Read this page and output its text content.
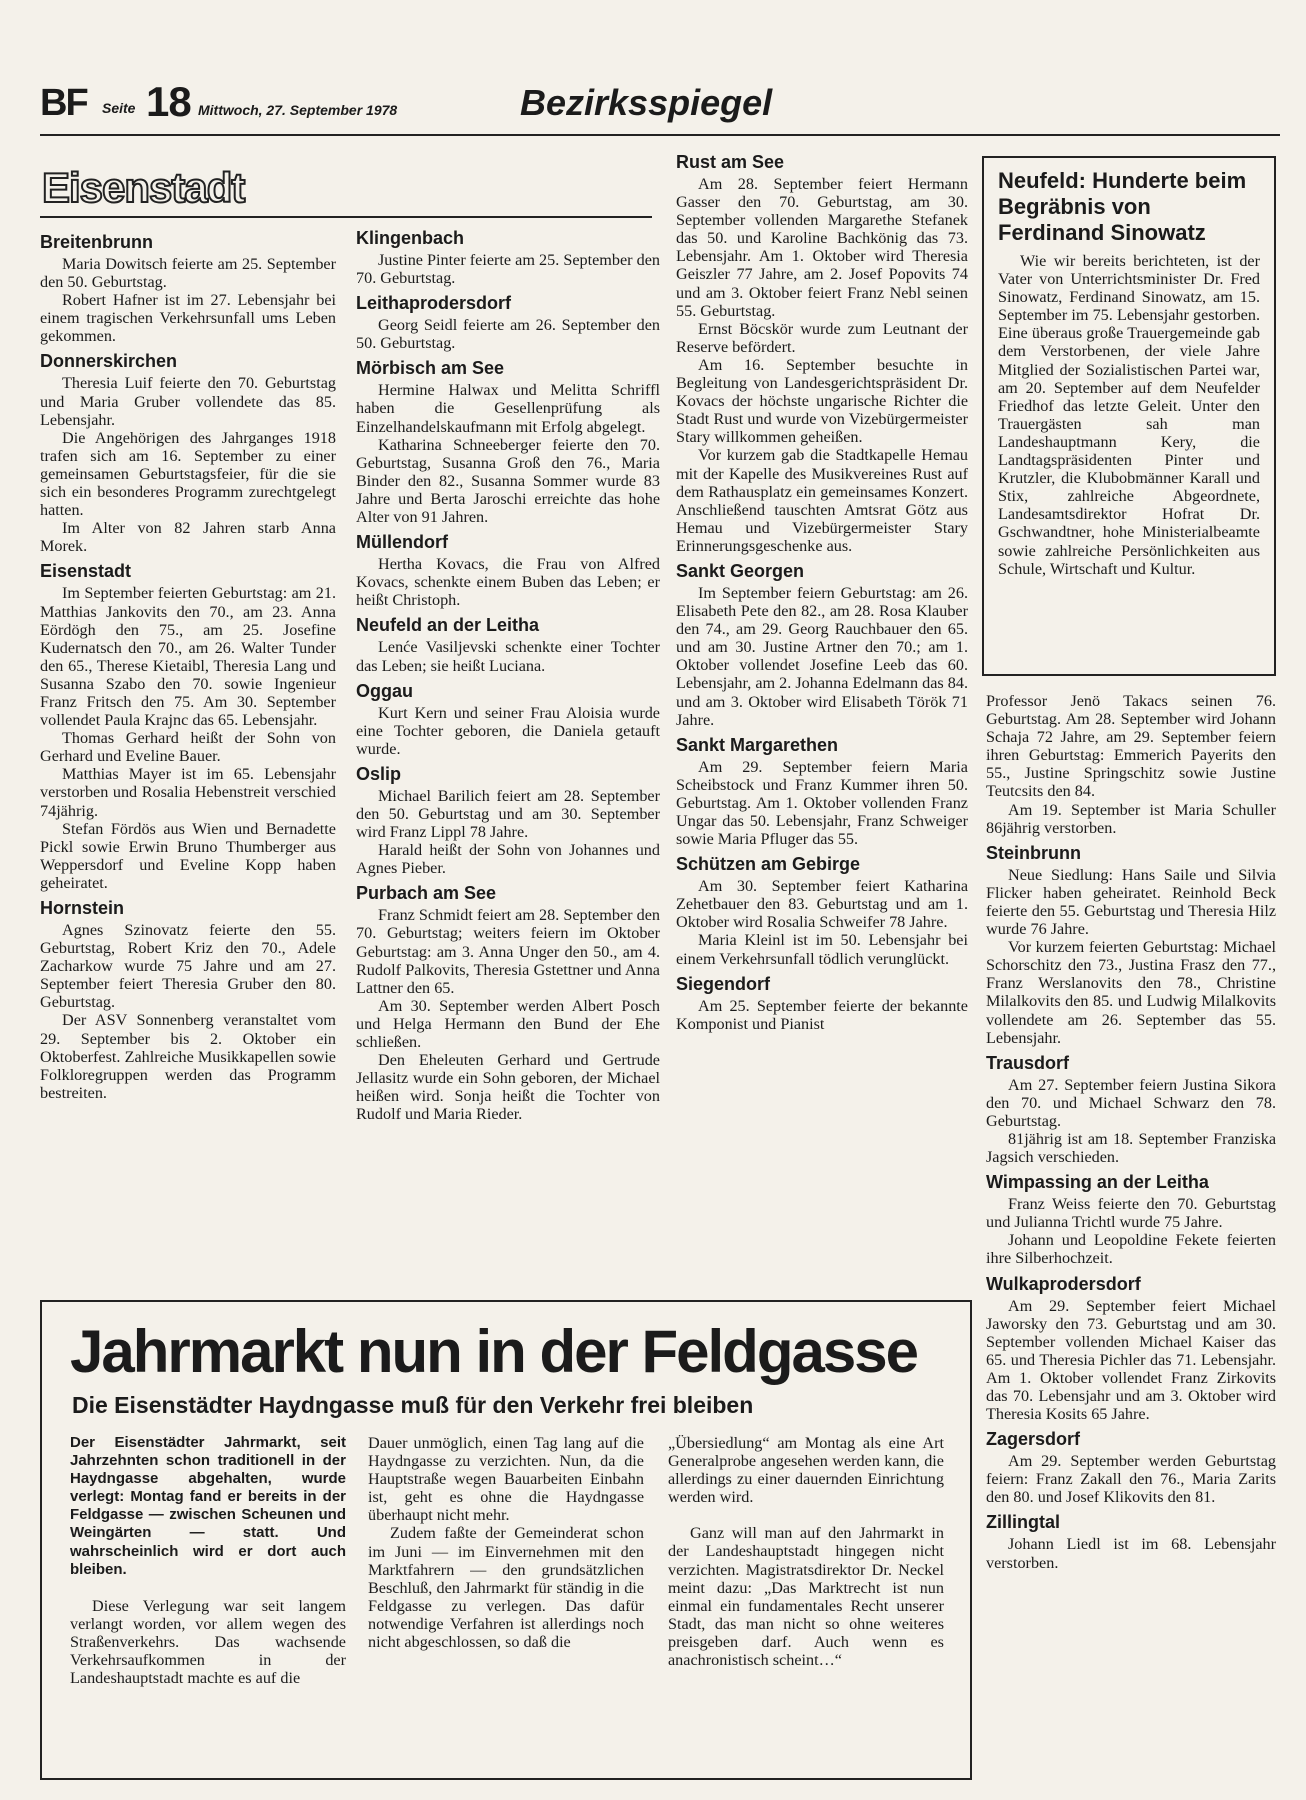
BF Seite 18 Mittwoch, 27. September 1978	Bezirksspiegel
Eisenstadt
Breitenbrunn

Maria Dowitsch feierte am 25. September den 50. Geburtstag.

Robert Hafner ist im 27. Lebensjahr bei einem tragischen Verkehrsunfall ums Leben gekommen.

Donnerskirchen

Theresia Luif feierte den 70. Geburtstag und Maria Gruber vollendete das 85. Lebensjahr.

Die Angehörigen des Jahrganges 1918 trafen sich am 16. September zu einer gemeinsamen Geburtstagsfeier, für die sie sich ein besonderes Programm zurechtgelegt hatten.

Im Alter von 82 Jahren starb Anna Morek.

Eisenstadt

Im September feierten Geburtstag: am 21. Matthias Jankovits den 70., am 23. Anna Eördögh den 75., am 25. Josefine Kudernatsch den 70., am 26. Walter Tunder den 65., Therese Kietaibl, Theresia Lang und Susanna Szabo den 70. sowie Ingenieur Franz Fritsch den 75. Am 30. September vollendet Paula Krajnc das 65. Lebensjahr.

Thomas Gerhard heißt der Sohn von Gerhard und Eveline Bauer.

Matthias Mayer ist im 65. Lebensjahr verstorben und Rosalia Hebenstreit verschied 74jährig.

Stefan Fördös aus Wien und Bernadette Pickl sowie Erwin Bruno Thumberger aus Weppersdorf und Eveline Kopp haben geheiratet.

Hornstein

Agnes Szinovatz feierte den 55. Geburtstag, Robert Kriz den 70., Adele Zacharkow wurde 75 Jahre und am 27. September feiert Theresia Gruber den 80. Geburtstag.

Der ASV Sonnenberg veranstaltet vom 29. September bis 2. Oktober ein Oktoberfest. Zahlreiche Musikkapellen sowie Folkloregruppen werden das Programm bestreiten.

Klingenbach

Justine Pinter feierte am 25. September den 70. Geburtstag.

Leithaprodersdorf

Georg Seidl feierte am 26. September den 50. Geburtstag.

Mörbisch am See

Hermine Halwax und Melitta Schriffl haben die Gesellenprüfung als Einzelhandelskaufmann mit Erfolg abgelegt.

Katharina Schneeberger feierte den 70. Geburtstag, Susanna Groß den 76., Maria Binder den 82., Susanna Sommer wurde 83 Jahre und Berta Jaroschi erreichte das hohe Alter von 91 Jahren.

Müllendorf

Hertha Kovacs, die Frau von Alfred Kovacs, schenkte einem Buben das Leben; er heißt Christoph.

Neufeld an der Leitha

Lenće Vasiljevski schenkte einer Tochter das Leben; sie heißt Luciana.

Oggau

Kurt Kern und seiner Frau Aloisia wurde eine Tochter geboren, die Daniela getauft wurde.

Oslip

Michael Barilich feiert am 28. September den 50. Geburtstag und am 30. September wird Franz Lippl 78 Jahre.

Harald heißt der Sohn von Johannes und Agnes Pieber.

Purbach am See

Franz Schmidt feiert am 28. September den 70. Geburtstag; weiters feiern im Oktober Geburtstag: am 3. Anna Unger den 50., am 4. Rudolf Palkovits, Theresia Gstettner und Anna Lattner den 65.

Am 30. September werden Albert Posch und Helga Hermann den Bund der Ehe schließen.

Den Eheleuten Gerhard und Gertrude Jellasitz wurde ein Sohn geboren, der Michael heißen wird. Sonja heißt die Tochter von Rudolf und Maria Rieder.

Rust am See

Am 28. September feiert Hermann Gasser den 70. Geburtstag, am 30. September vollenden Margarethe Stefanek das 50. und Karoline Bachkönig das 73. Lebensjahr. Am 1. Oktober wird Theresia Geiszler 77 Jahre, am 2. Josef Popovits 74 und am 3. Oktober feiert Franz Nebl seinen 55. Geburtstag.

Ernst Böcskör wurde zum Leutnant der Reserve befördert.

Am 16. September besuchte in Begleitung von Landesgerichtspräsident Dr. Kovacs der höchste ungarische Richter die Stadt Rust und wurde von Vizebürgermeister Stary willkommen geheißen.

Vor kurzem gab die Stadtkapelle Hemau mit der Kapelle des Musikvereines Rust auf dem Rathausplatz ein gemeinsames Konzert. Anschließend tauschten Amtsrat Götz aus Hemau und Vizebürgermeister Stary Erinnerungsgeschenke aus.

Sankt Georgen

Im September feiern Geburtstag: am 26. Elisabeth Pete den 82., am 28. Rosa Klauber den 74., am 29. Georg Rauchbauer den 65. und am 30. Justine Artner den 70.; am 1. Oktober vollendet Josefine Leeb das 60. Lebensjahr, am 2. Johanna Edelmann das 84. und am 3. Oktober wird Elisabeth Török 71 Jahre.

Sankt Margarethen

Am 29. September feiern Maria Scheibstock und Franz Kummer ihren 50. Geburtstag. Am 1. Oktober vollenden Franz Ungar das 50. Lebensjahr, Franz Schweiger sowie Maria Pfluger das 55.

Schützen am Gebirge

Am 30. September feiert Katharina Zehetbauer den 83. Geburtstag und am 1. Oktober wird Rosalia Schweifer 78 Jahre.

Maria Kleinl ist im 50. Lebensjahr bei einem Verkehrsunfall tödlich verunglückt.

Siegendorf

Am 25. September feierte der bekannte Komponist und Pianist

Professor Jenö Takacs seinen 76. Geburtstag. Am 28. September wird Johann Schaja 72 Jahre, am 29. September feiern ihren Geburtstag: Emmerich Payerits den 55., Justine Springschitz sowie Justine Teutcsits den 84.

Am 19. September ist Maria Schuller 86jährig verstorben.

Steinbrunn

Neue Siedlung: Hans Saile und Silvia Flicker haben geheiratet. Reinhold Beck feierte den 55. Geburtstag und Theresia Hilz wurde 76 Jahre.

Vor kurzem feierten Geburtstag: Michael Schorschitz den 73., Justina Frasz den 77., Franz Werslanovits den 78., Christine Milalkovits den 85. und Ludwig Milalkovits vollendete am 26. September das 55. Lebensjahr.

Trausdorf

Am 27. September feiern Justina Sikora den 70. und Michael Schwarz den 78. Geburtstag.

81jährig ist am 18. September Franziska Jagsich verschieden.

Wimpassing an der Leitha

Franz Weiss feierte den 70. Geburtstag und Julianna Trichtl wurde 75 Jahre.

Johann und Leopoldine Fekete feierten ihre Silberhochzeit.

Wulkaprodersdorf

Am 29. September feiert Michael Jaworsky den 73. Geburtstag und am 30. September vollenden Michael Kaiser das 65. und Theresia Pichler das 71. Lebensjahr. Am 1. Oktober vollendet Franz Zirkovits das 70. Lebensjahr und am 3. Oktober wird Theresia Kosits 65 Jahre.

Zagersdorf

Am 29. September werden Geburtstag feiern: Franz Zakall den 76., Maria Zarits den 80. und Josef Klikovits den 81.

Zillingtal

Johann Liedl ist im 68. Lebensjahr verstorben.

Neufeld: Hunderte beim Begräbnis von Ferdinand Sinowatz

Wie wir bereits berichteten, ist der Vater von Unterrichtsminister Dr. Fred Sinowatz, Ferdinand Sinowatz, am 15. September im 75. Lebensjahr gestorben. Eine überaus große Trauergemeinde gab dem Verstorbenen, der viele Jahre Mitglied der Sozialistischen Partei war, am 20. September auf dem Neufelder Friedhof das letzte Geleit. Unter den Trauergästen sah man Landeshauptmann Kery, die Landtagspräsidenten Pinter und Krutzler, die Klubobmänner Karall und Stix, zahlreiche Abgeordnete, Landesamtsdirektor Hofrat Dr. Gschwandtner, hohe Ministerialbeamte sowie zahlreiche Persönlichkeiten aus Schule, Wirtschaft und Kultur.

Jahrmarkt nun in der Feldgasse
Die Eisenstädter Haydngasse muß für den Verkehr frei bleiben

Der Eisenstädter Jahrmarkt, seit Jahrzehnten schon traditionell in der Haydngasse abgehalten, wurde verlegt: Montag fand er bereits in der Feldgasse — zwischen Scheunen und Weingärten — statt. Und wahrscheinlich wird er dort auch bleiben.

Diese Verlegung war seit langem verlangt worden, vor allem wegen des Straßenverkehrs. Das wachsende Verkehrsaufkommen in der Landeshauptstadt machte es auf die

Dauer unmöglich, einen Tag lang auf die Haydngasse zu verzichten. Nun, da die Hauptstraße wegen Bauarbeiten Einbahn ist, geht es ohne die Haydngasse überhaupt nicht mehr.

Zudem faßte der Gemeinderat schon im Juni — im Einvernehmen mit den Marktfahrern — den grundsätzlichen Beschluß, den Jahrmarkt für ständig in die Feldgasse zu verlegen. Das dafür notwendige Verfahren ist allerdings noch nicht abgeschlossen, so daß die

„Übersiedlung“ am Montag als eine Art Generalprobe angesehen werden kann, die allerdings zu einer dauernden Einrichtung werden wird.

Ganz will man auf den Jahrmarkt in der Landeshauptstadt hingegen nicht verzichten. Magistratsdirektor Dr. Neckel meint dazu: „Das Marktrecht ist nun einmal ein fundamentales Recht unserer Stadt, das man nicht so ohne weiteres preisgeben darf. Auch wenn es anachronistisch scheint…“
